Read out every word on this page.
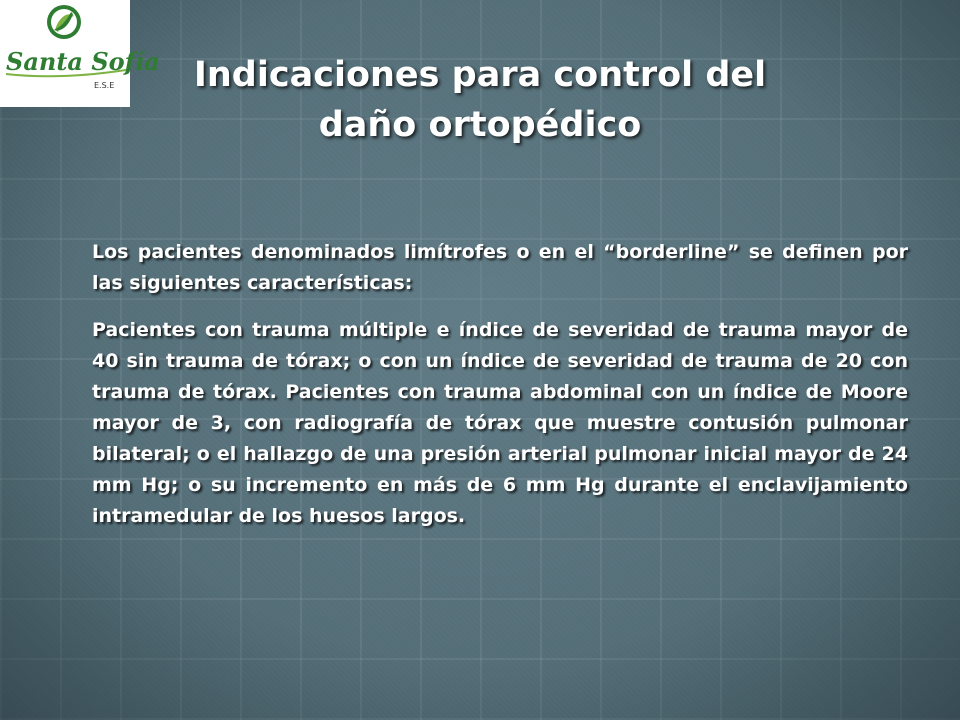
Santa Sofía
E.S.E	Indicaciones para control del daño ortopédico

Los pacientes denominados limítrofes o en el “borderline” se definen por las siguientes características:

Pacientes con trauma múltiple e índice de severidad de trauma mayor de 40 sin trauma de tórax; o con un índice de severidad de trauma de 20 con trauma de tórax. Pacientes con trauma abdominal con un índice de Moore mayor de 3, con radiografía de tórax que muestre contusión pulmonar bilateral; o el hallazgo de una presión arterial pulmonar inicial mayor de 24 mm Hg; o su incremento en más de 6 mm Hg durante el enclavijamiento intramedular de los huesos largos.
